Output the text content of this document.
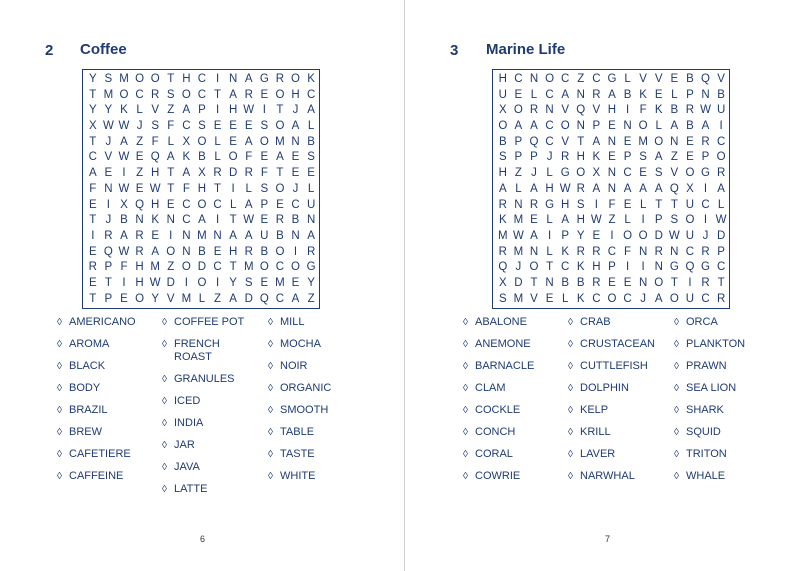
2 Coffee
Y S M O O T H C I N A G R O K
T M O C R S O C T A R E O H C
Y Y K L V Z A P I H W I T J A
X W W J S F C S E E E S O A L
T J A Z F L X O L E A O M N B
C V W E Q A K B L O F E A E S
A E I Z H T A X R D R F T E E
F N W E W T F H T I L S O J L
E I X Q H E C O C L A P E C U
T J B N K N C A I T W E R B N
I R A R E I N M N A A U B N A
E Q W R A O N B E H R B O I R
R P F H M Z O D C T M O C O G
E T I H W D I O I Y S E M E Y
T P E O Y V M L Z A D Q C A Z
◊ AMERICANO
◊ AROMA
◊ BLACK
◊ BODY
◊ BRAZIL
◊ BREW
◊ CAFETIERE
◊ CAFFEINE
◊ COFFEE POT
◊ FRENCH
ROAST
◊ GRANULES
◊ ICED
◊ INDIA
◊ JAR
◊ JAVA
◊ LATTE
◊ MILL
◊ MOCHA
◊ NOIR
◊ ORGANIC
◊ SMOOTH
◊ TABLE
◊ TASTE
◊ WHITE
6
3 Marine Life
H C N O C Z C G L V V E B Q V
U E L C A N R A B K E L P N B
X O R N V Q V H I F K B R W U
O A A C O N P E N O L A B A I
B P Q C V T A N E M O N E R C
S P P J R H K E P S A Z E P O
H Z J L G O X N C E S V O G R
A L A H W R A N A A A Q X I A
R N R G H S I F E L T T U C L
K M E L A H W Z L I P S O I W
M W A I P Y E I O O D W U J D
R M N L K R R C F N R N C R P
Q J O T C K H P I	I N G Q G C
X D T N B B R E E N O T I R T
S M V E L K C O C J A O U C R
◊ ABALONE
◊ ANEMONE
◊ BARNACLE
◊ CLAM
◊ COCKLE
◊ CONCH
◊ CORAL
◊ COWRIE
◊ CRAB
◊ CRUSTACEAN
◊ CUTTLEFISH
◊ DOLPHIN
◊ KELP
◊ KRILL
◊ LAVER
◊ NARWHAL
◊ ORCA
◊ PLANKTON
◊ PRAWN
◊ SEA LION
◊ SHARK
◊ SQUID
◊ TRITON
◊ WHALE
7
